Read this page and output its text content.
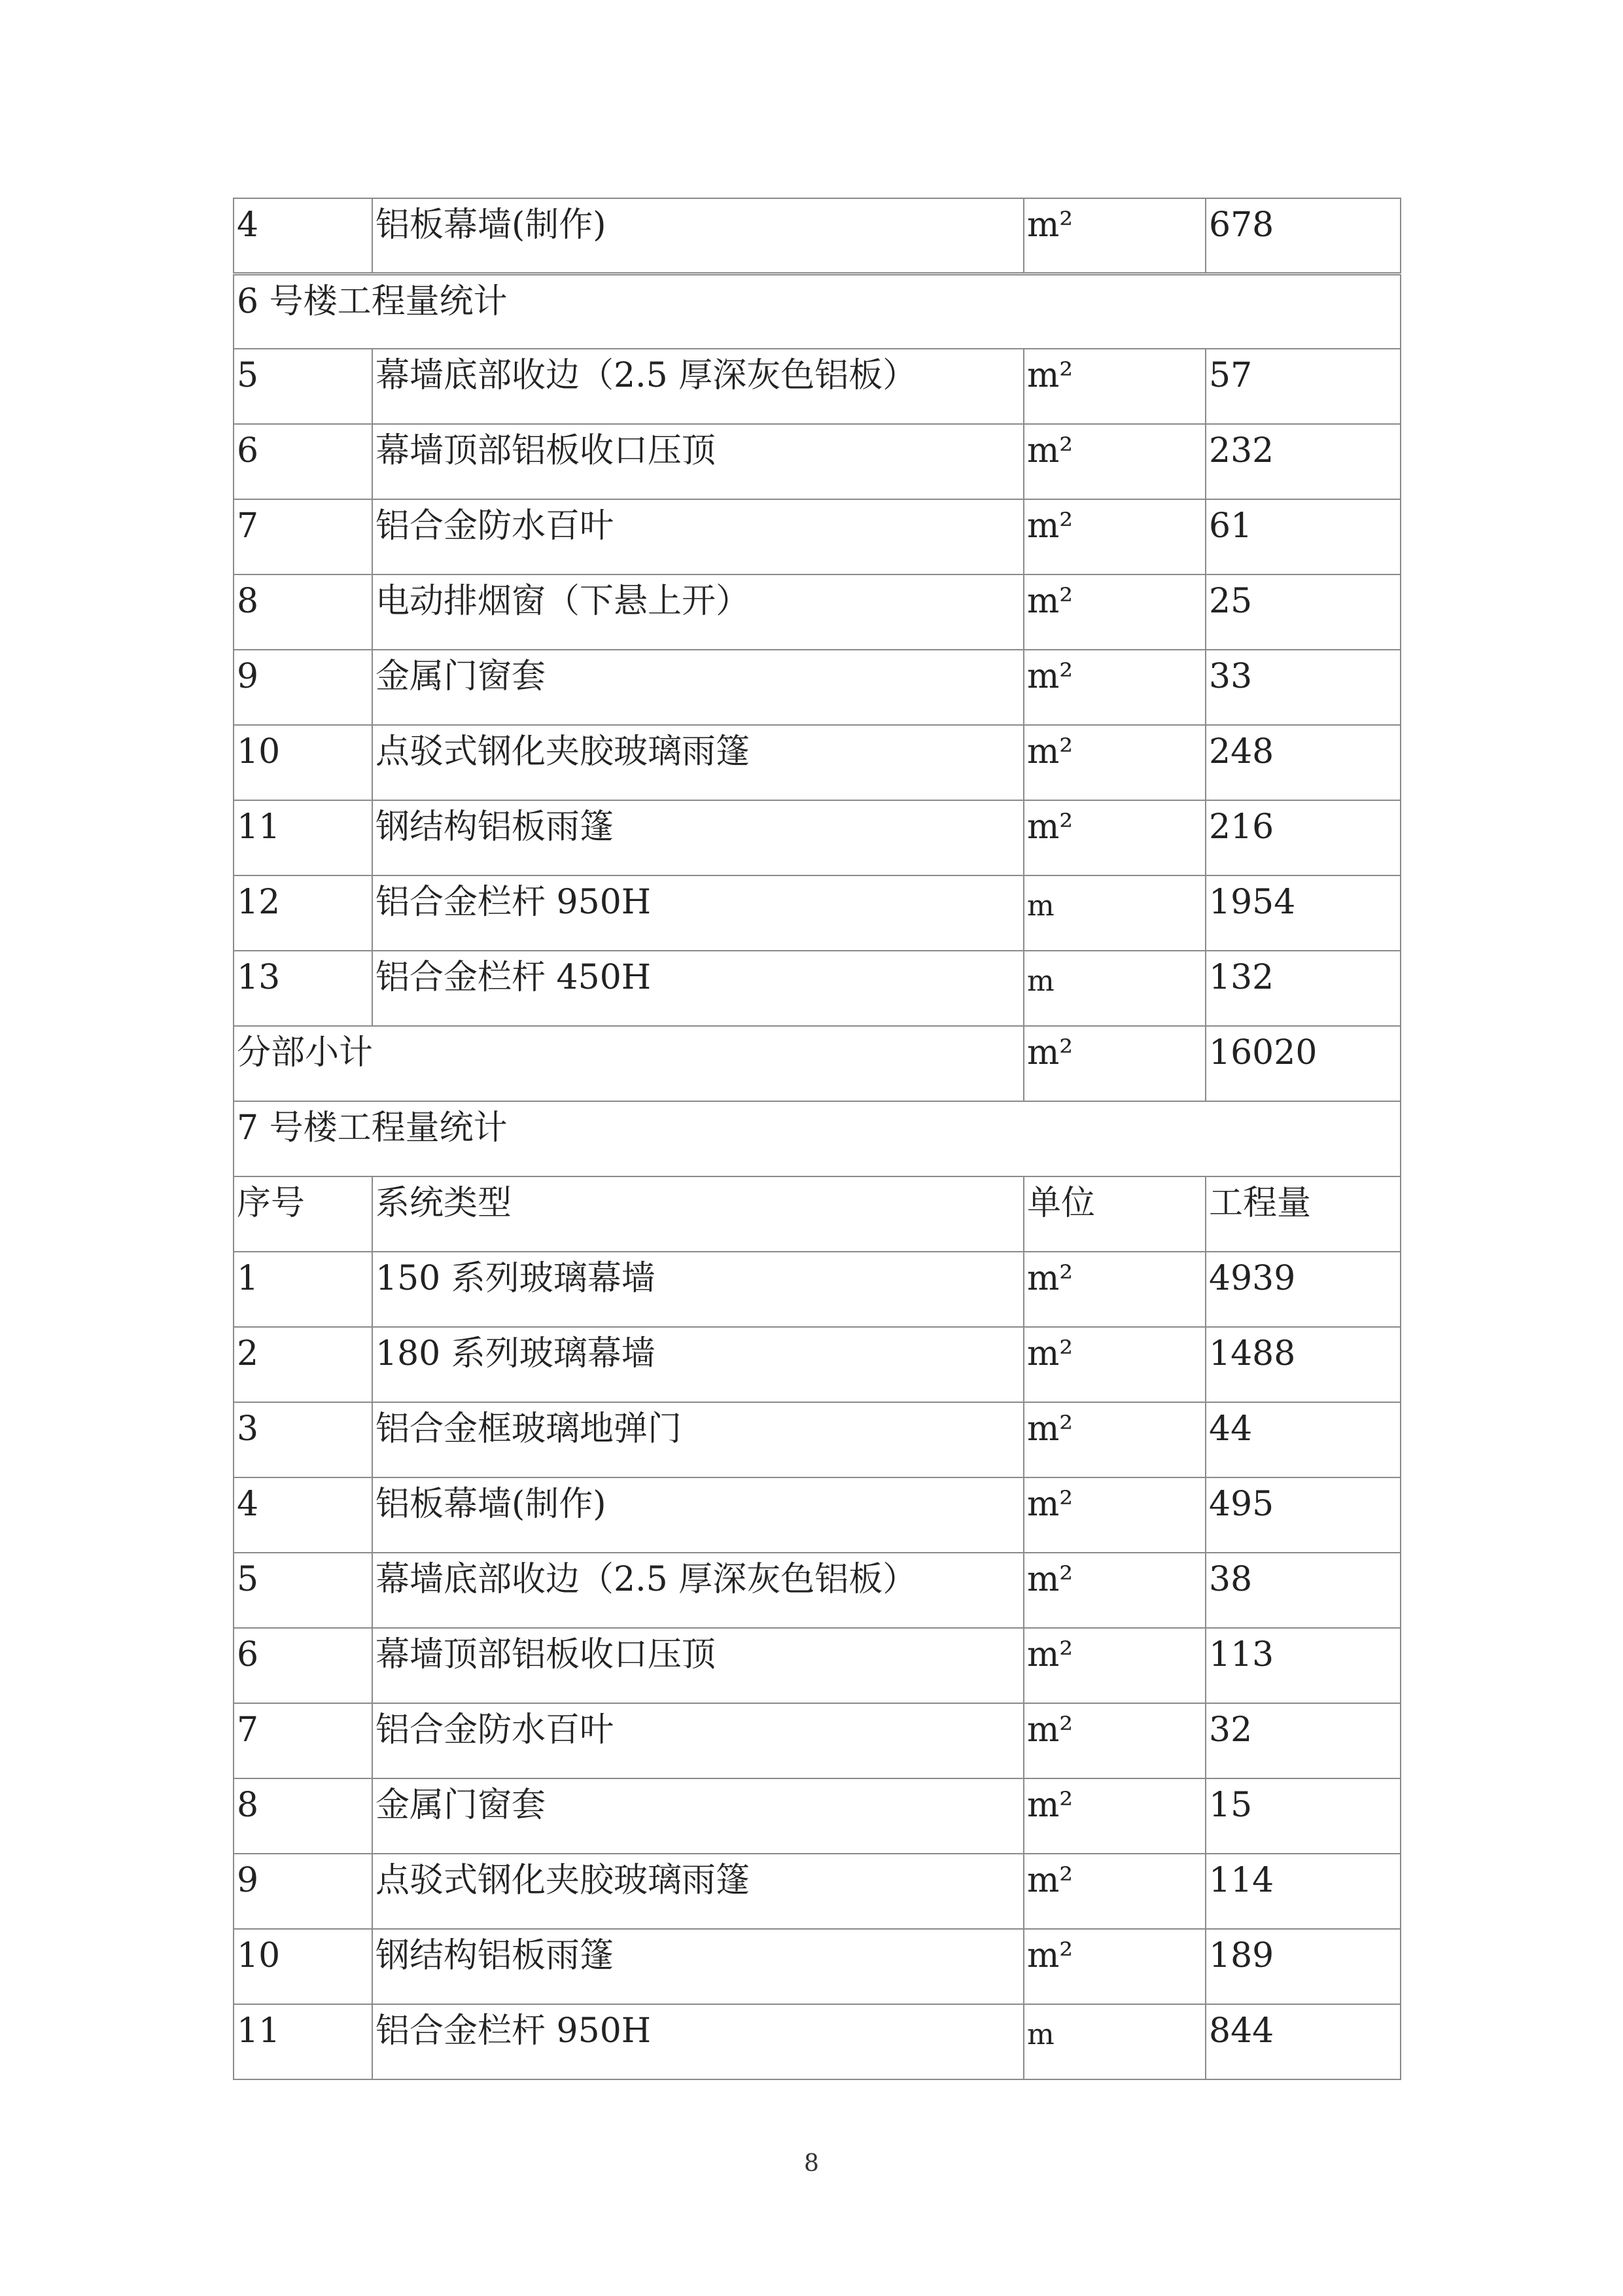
4	铝板幕墙(制作)	m²	678
6 号楼工程量统计			
5	幕墙底部收边（2.5 厚深灰色铝板）	m²	57
6	幕墙顶部铝板收口压顶	m²	232
7	铝合金防水百叶	m²	61
8	电动排烟窗（下悬上开）	m²	25
9	金属门窗套	m²	33
10	点驳式钢化夹胶玻璃雨篷	m²	248
11	钢结构铝板雨篷	m²	216
12	铝合金栏杆 950H	m	1954
13	铝合金栏杆 450H	m	132
分部小计		m²	16020
7 号楼工程量统计			
序号	系统类型	单位	工程量
1	150 系列玻璃幕墙	m²	4939
2	180 系列玻璃幕墙	m²	1488
3	铝合金框玻璃地弹门	m²	44
4	铝板幕墙(制作)	m²	495
5	幕墙底部收边（2.5 厚深灰色铝板）	m²	38
6	幕墙顶部铝板收口压顶	m²	113
7	铝合金防水百叶	m²	32
8	金属门窗套	m²	15
9	点驳式钢化夹胶玻璃雨篷	m²	114
10	钢结构铝板雨篷	m²	189
11	铝合金栏杆 950H	m	844
8
